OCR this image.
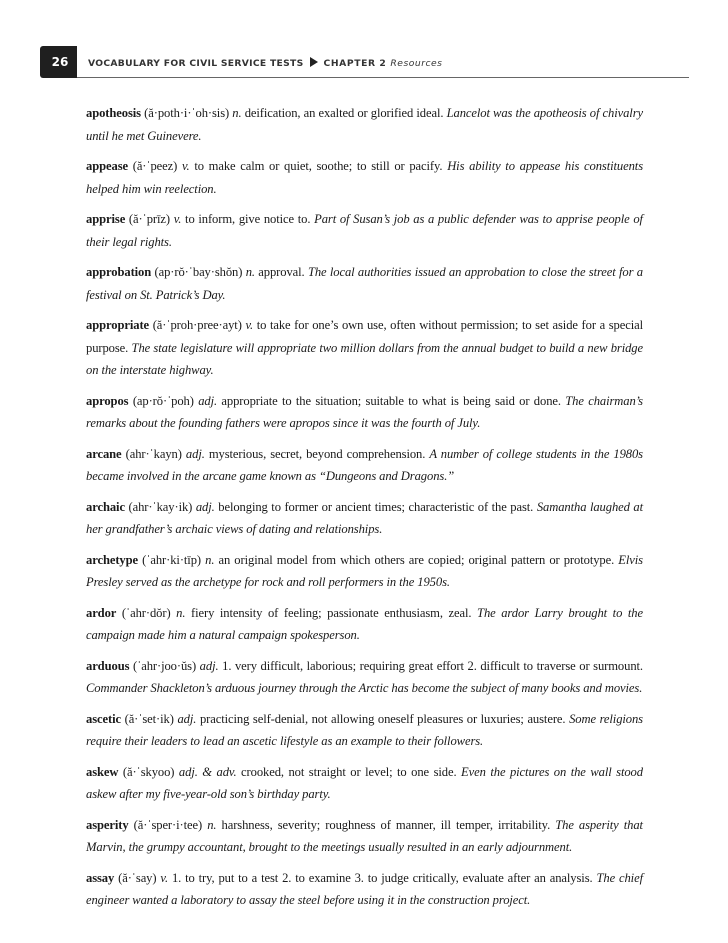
26	VOCABULARY FOR CIVIL SERVICE TESTS CHAPTER 2 Resources

apotheosis (ă·poth·i·ˈoh·sis) n. deification, an exalted or glorified ideal. Lancelot was the apotheosis of chivalry until he met Guinevere.

appease (ă·ˈpeez) v. to make calm or quiet, soothe; to still or pacify. His ability to appease his constituents helped him win reelection.

apprise (ă·ˈprīz) v. to inform, give notice to. Part of Susan’s job as a public defender was to apprise people of their legal rights.

approbation (ap·rŏ·ˈbay·shŏn) n. approval. The local authorities issued an approbation to close the street for a festival on St. Patrick’s Day.

appropriate (ă·ˈproh·pree·ayt) v. to take for one’s own use, often without permission; to set aside for a special purpose. The state legislature will appropriate two million dollars from the annual budget to build a new bridge on the interstate highway.

apropos (ap·rŏ·ˈpoh) adj. appropriate to the situation; suitable to what is being said or done. The chairman’s remarks about the founding fathers were apropos since it was the fourth of July.

arcane (ahr·ˈkayn) adj. mysterious, secret, beyond comprehension. A number of college students in the 1980s became involved in the arcane game known as “Dungeons and Dragons.”

archaic (ahr·ˈkay·ik) adj. belonging to former or ancient times; characteristic of the past. Samantha laughed at her grandfather’s archaic views of dating and relationships.

archetype (ˈahr·ki·tīp) n. an original model from which others are copied; original pattern or prototype. Elvis Presley served as the archetype for rock and roll performers in the 1950s.

ardor (ˈahr·dŏr) n. fiery intensity of feeling; passionate enthusiasm, zeal. The ardor Larry brought to the campaign made him a natural campaign spokesperson.

arduous (ˈahr·joo·ŭs) adj. 1. very difficult, laborious; requiring great effort 2. difficult to traverse or surmount. Commander Shackleton’s arduous journey through the Arctic has become the subject of many books and movies.

ascetic (ă·ˈset·ik) adj. practicing self-denial, not allowing oneself pleasures or luxuries; austere. Some religions require their leaders to lead an ascetic lifestyle as an example to their followers.

askew (ă·ˈskyoo) adj. & adv. crooked, not straight or level; to one side. Even the pictures on the wall stood askew after my five-year-old son’s birthday party.

asperity (ă·ˈsper·i·tee) n. harshness, severity; roughness of manner, ill temper, irritability. The asperity that Marvin, the grumpy accountant, brought to the meetings usually resulted in an early adjournment.

assay (ă·ˈsay) v. 1. to try, put to a test 2. to examine 3. to judge critically, evaluate after an analysis. The chief engineer wanted a laboratory to assay the steel before using it in the construction project.
